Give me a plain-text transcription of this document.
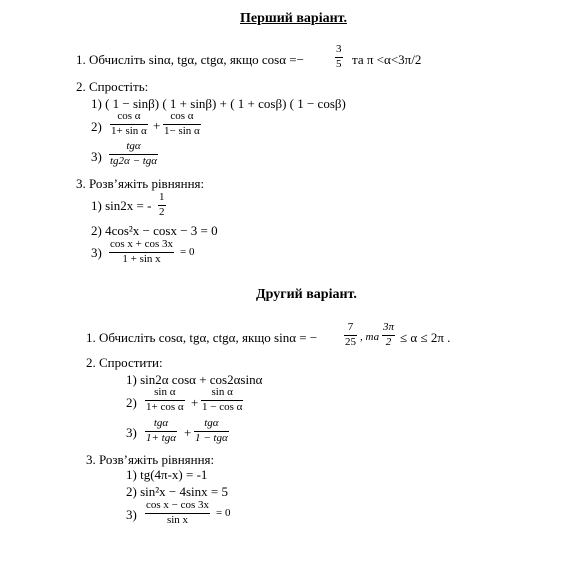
Перший варіант.
1. Обчисліть sinα, tgα, ctgα, якщо cosα =−
3
5 та π <α<3π/2
2. Спростіть:
1) ( 1 − sinβ) ( 1 + sinβ) + ( 1 + cosβ) ( 1 − cosβ)
2)
cos α
1+ sin α +
cos α
1− sin α
3)
tgα
tg2α − tgα
3. Розв’яжіть рівняння:
1) sin2x = -
1
2
2) 4cos²x − cosx − 3 = 0
3)
cos x + cos 3x
1 + sin x
= 0
Другий варіант.
1. Обчисліть cosα, tgα, ctgα, якщо sinα = −
7
25 , та
3π
2 ≤ α ≤ 2π .
2. Спростити:
1) sin2α cosα + cos2αsinα
2)
sin α
1+ cos α +
sin α
1 − cos α
3)
tgα
1+ tgα +
tgα
1 − tgα
3. Розв’яжіть рівняння:
1) tg(4π-x) = -1
2) sin²x − 4sinx = 5
3)
cos x − cos 3x
sin x
= 0
